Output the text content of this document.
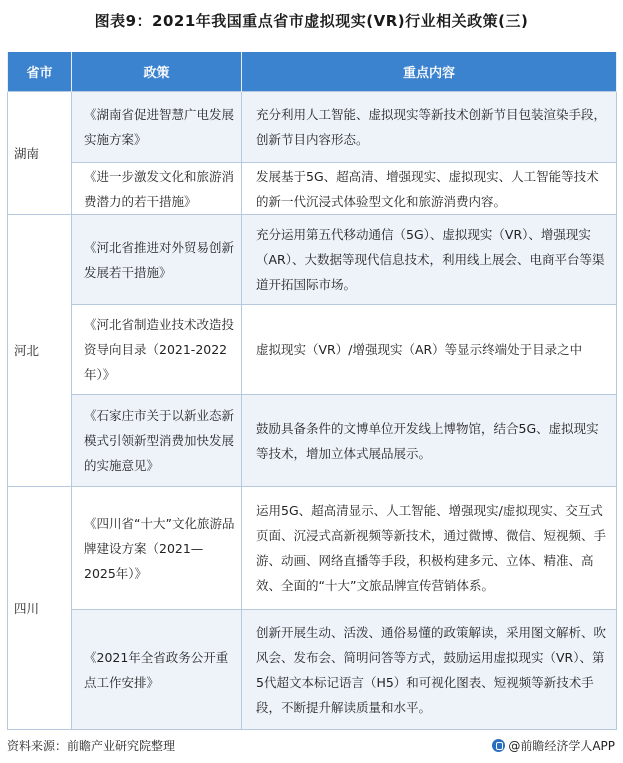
图表9：2021年我国重点省市虚拟现实(VR)行业相关政策(三)
省市	政策	重点内容
湖南	《湖南省促进智慧广电发展实施方案》	充分利用人工智能、虚拟现实等新技术创新节目包装渲染手段，创新节目内容形态。
	《进一步激发文化和旅游消费潜力的若干措施》	发展基于5G、超高清、增强现实、虚拟现实、人工智能等技术的新一代沉浸式体验型文化和旅游消费内容。
河北	《河北省推进对外贸易创新发展若干措施》	充分运用第五代移动通信（5G）、虚拟现实（VR）、增强现实（AR）、大数据等现代信息技术，利用线上展会、电商平台等渠道开拓国际市场。
	《河北省制造业技术改造投资导向目录（2021-2022年）》	虚拟现实（VR）/增强现实（AR）等显示终端处于目录之中
	《石家庄市关于以新业态新模式引领新型消费加快发展的实施意见》	鼓励具备条件的文博单位开发线上博物馆，结合5G、虚拟现实等技术，增加立体式展品展示。
四川	《四川省“十大”文化旅游品牌建设方案（2021—2025年）》	运用5G、超高清显示、人工智能、增强现实/虚拟现实、交互式页面、沉浸式高新视频等新技术，通过微博、微信、短视频、手游、动画、网络直播等手段，积极构建多元、立体、精准、高效、全面的“十大”文旅品牌宣传营销体系。
	《2021年全省政务公开重点工作安排》	创新开展生动、活泼、通俗易懂的政策解读，采用图文解析、吹风会、发布会、简明问答等方式，鼓励运用虚拟现实（VR）、第5代超文本标记语言（H5）和可视化图表、短视频等新技术手段，不断提升解读质量和水平。
资料来源：前瞻产业研究院整理	@前瞻经济学人APP
